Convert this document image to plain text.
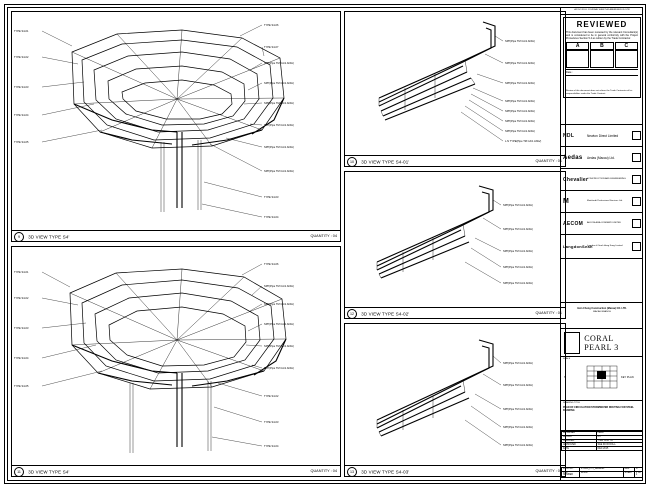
TYPE S4-01
TYPE S4-02
TYPE S4-03
TYPE S4-04
TYPE S4-05
TYPE S4-06
TYPE S4-07
SPP(Pipe TM CA/1 ANG/)
SPP(Pipe TM CA/1 ANG/)
SPP(Pipe TM CA/1 ANG/)
SPP(Pipe TM CA/1 ANG/)
SPP(Pipe TM CA/1 ANG/)
SPP(Pipe TM CA/1 ANG/)
TYPE S4-03
TYPE S4-04
9 3D VIEW TYPE S4'	QUANTITY : 04
TYPE S4-01
TYPE S4-02
TYPE S4-03
TYPE S4-04
TYPE S4-05
TYPE S4-06
SPP(Pipe TM CA/1 ANG/)
SPP(Pipe TM CA/1 ANG/)
SPP(Pipe TM CA/1 ANG/)
SPP(Pipe TM CA/1 ANG/)
SPP(Pipe TM CA/1 ANG/)
TYPE S4-02
TYPE S4-03
TYPE S4-04
11 3D VIEW TYPE S4'	QUANTITY : 04
SPP(Pipe TM CA/1 ANG/)
SPP(Pipe TM CA/1 ANG/)
SPP(Pipe TM CA/1 ANG/)
SPP(Pipe TM CA/1 ANG/)
SPP(Pipe TM CA/1 ANG/)
SPP(Pipe TM CA/1 ANG/)
SPP(Pipe TM CA/1 ANG/)
L.N TYPE(Pipe TM CA/1 ANG/)
10 3D VIEW TYPE S4-01'	QUANTITY : 01
SPP(Pipe TM CA/1 ANG/)
SPP(Pipe TM CA/1 ANG/)
SPP(Pipe TM CA/1 ANG/)
SPP(Pipe TM CA/1 ANG/)
SPP(Pipe TM CA/1 ANG/)
12 3D VIEW TYPE S4-02'	QUANTITY : 01
SPP(Pipe TM CA/1 ANG/)
SPP(Pipe TM CA/1 ANG/)
SPP(Pipe TM CA/1 ANG/)
SPP(Pipe TM CA/1 ANG/)
SPP(Pipe TM CA/1 ANG/)
13 3D VIEW TYPE S4-03'	QUANTITY : 01
A1 ISO FULL JOURNAL SHEET A1 ABERDEEN 05 STR
REVIEWED

This document has been reviewed by the relevant Consultant(s) and is considered to be in general conformity with the Project Procedures Section 5.4 as written by the Trade Contractor.

A	B	C
Date :
Review of this document does not relieve the Trade Contractor of his responsibilities under the Trade Contract.
NDL	Newton Direct Limited
Aedas	Aedas (Macau) Ltd.
Chevalier
CONSTRUCTION AND ENGINEERING
M	Meinhardt Professional Services Ltd.
AECOM	AECOM ASIA COMPANY LIMITED
LangdonSeah
Langdon & Seah Hong Kong Limited
Hsin Chong Construction (Macau) CO. LTD.
MACAU BRANCH
CORAL PEARL 3
SCALE
N	KEY PLAN
DRAWING TITLE
PLAN OF CIRCULATION STORMWATER ROUTING FOR STEEL DRAWING
DESIGNED	LEAD
DRAWN	DJ
CHECKED	T-MR NOR YR
APPROVED	SEE 3D ROOF+L
DATE	DEC 2015
DWG NO.	P-3526_P75_LEGEND	REV.	A
JOB NUMBER	0250B	SHEET	1 OF 1
